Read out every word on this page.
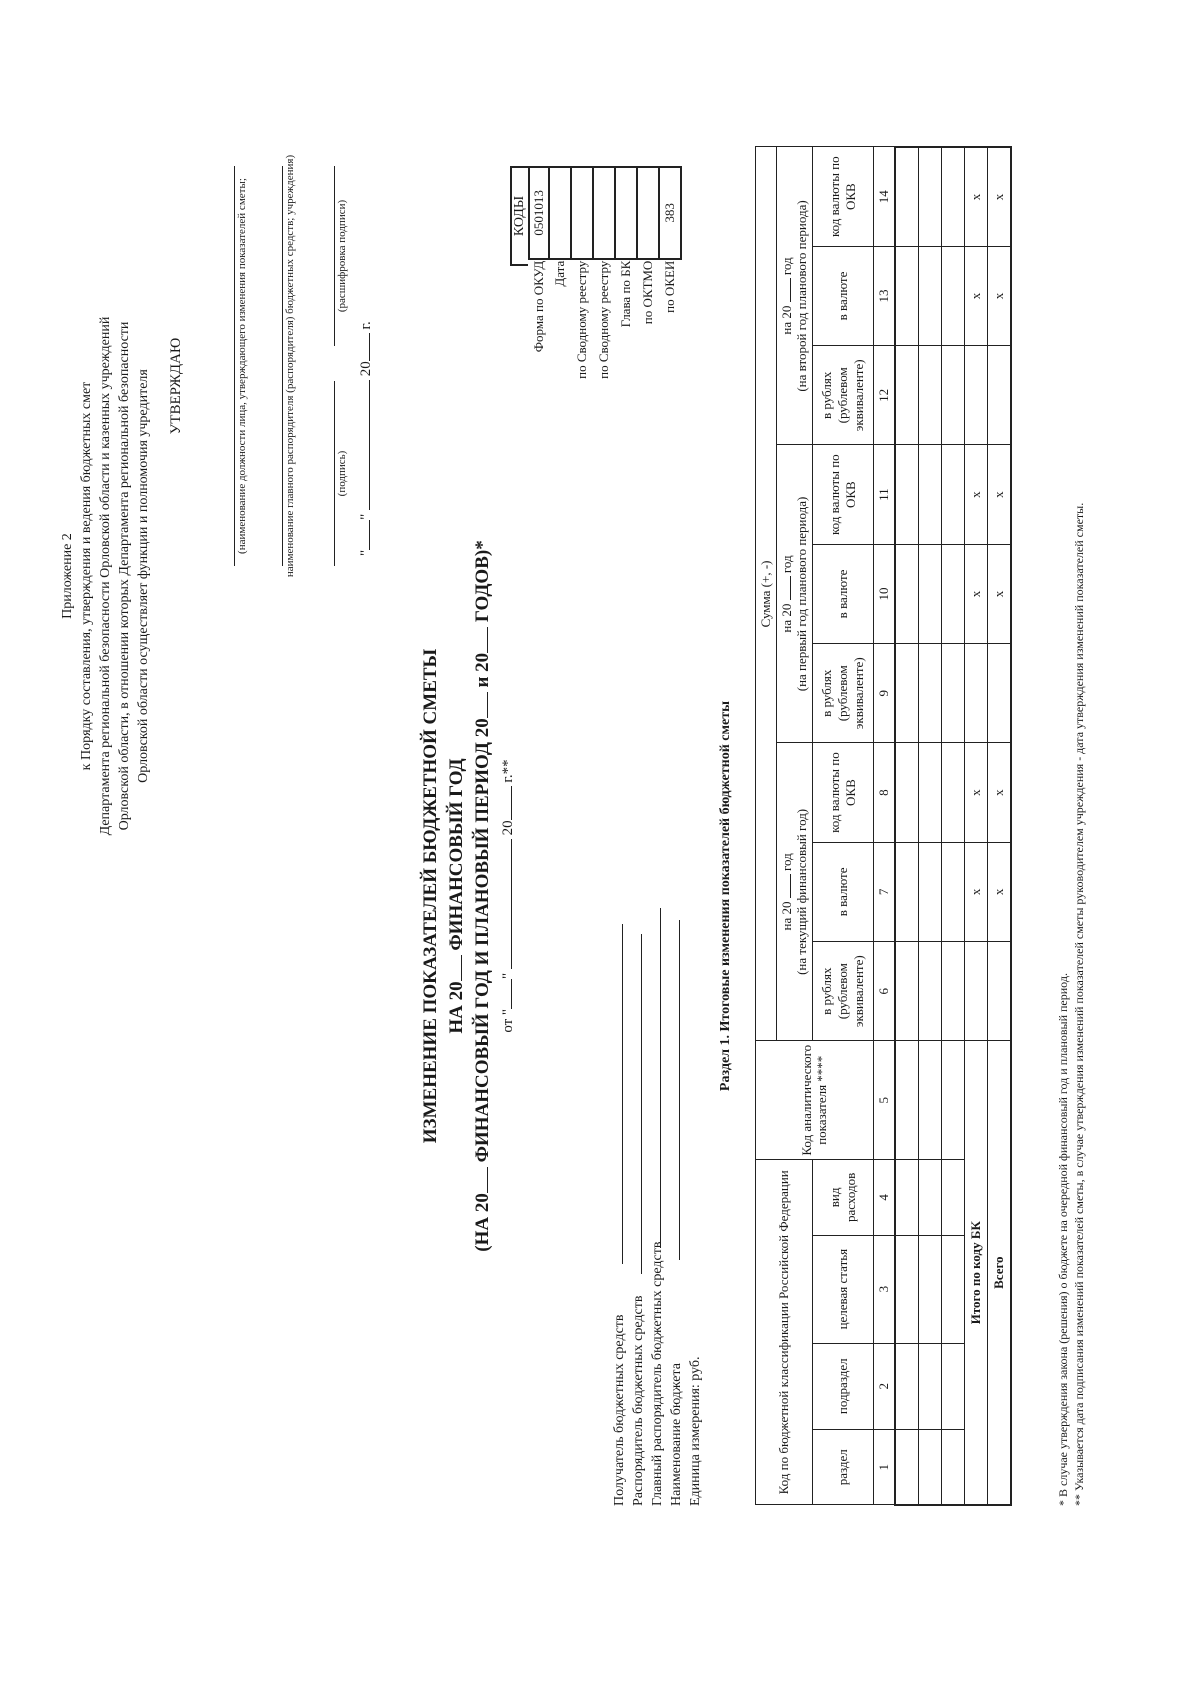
Приложение 2 к Порядку составления, утверждения и ведения бюджетных смет Департамента региональной безопасности Орловской области и казенных учреждений Орловской области, в отношении которых Департамента региональной безопасности Орловской области осуществляет функции и полномочия учредителя УТВЕРЖДАЮ	(наименование должности лица, утверждающего изменения показателей сметы;	наименование главного распорядителя (распорядителя) бюджетных средств; учреждения)	(подпись)
(расшифровка подписи)
""  20 г.
ИЗМЕНЕНИЕ ПОКАЗАТЕЛЕЙ БЮДЖЕТНОЙ СМЕТЫ НА 20 ФИНАНСОВЫЙ ГОД
(НА 20 ФИНАНСОВЫЙ ГОД И ПЛАНОВЫЙ ПЕРИОД 20 и 20 ГОДОВ)*
от ""  20 г.**
КОДЫ
Форма по ОКУД	0501013
Дата	
по Сводному реестру	
по Сводному реестру	
Глава по БК	
по ОКТМО	
по ОКЕИ	383
Получатель бюджетных средств Распорядитель бюджетных средств Главный распорядитель бюджетных средств Наименование бюджета Единица измерения: руб.
Раздел 1. Итоговые изменения показателей бюджетной сметы
Код по бюджетной классификации Российской Федерации				Код аналитического показателя ****	Сумма (+, -)								
					на 20  год
(на текущий финансовый год)			на 20  год
(на первый год планового периода)			на 20  год
(на второй год планового периода)		
раздел	подраздел	целевая статья	вид расходов		в рублях (рублевом эквиваленте)	в валюте	код валюты по ОКВ	в рублях (рублевом эквиваленте)	в валюте	код валюты по ОКВ	в рублях (рублевом эквиваленте)	в валюте	код валюты по ОКВ
1	2	3	4	5	6	7	8	9	10	11	12	13	14

Итого по коду БК						x	x		x	x		x	x
Всего						x	x		x	x		x	x
* В случае утверждения закона (решения) о бюджете на очередной финансовый год и плановый период. ** Указывается дата подписания изменений показателей сметы, в случае утверждения изменений показателей сметы руководителем учреждения - дата утверждения изменений показателей сметы.
